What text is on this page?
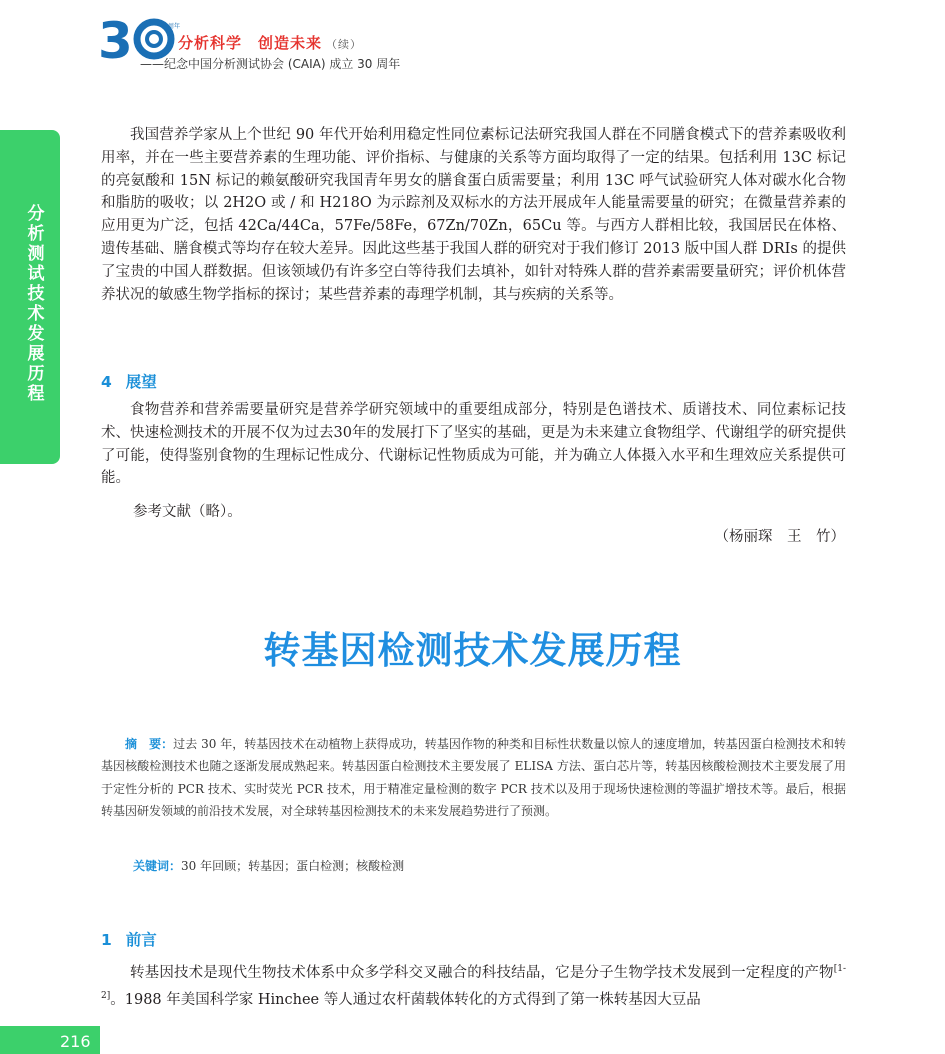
3	周年
分析科学　创造未来 （续）
——纪念中国分析测试协会 (CAIA) 成立 30 周年
分析测试技术发展历程

我国营养学家从上个世纪 90 年代开始利用稳定性同位素标记法研究我国人群在不同膳食模式下的营养素吸收利用率，并在一些主要营养素的生理功能、评价指标、与健康的关系等方面均取得了一定的结果。包括利用 13C 标记的亮氨酸和 15N 标记的赖氨酸研究我国青年男女的膳食蛋白质需要量；利用 13C 呼气试验研究人体对碳水化合物和脂肪的吸收；以 2H2O 或 / 和 H218O 为示踪剂及双标水的方法开展成年人能量需要量的研究；在微量营养素的应用更为广泛，包括 42Ca/44Ca，57Fe/58Fe，67Zn/70Zn，65Cu 等。与西方人群相比较，我国居民在体格、遗传基础、膳食模式等均存在较大差异。因此这些基于我国人群的研究对于我们修订 2013 版中国人群 DRIs 的提供了宝贵的中国人群数据。但该领域仍有许多空白等待我们去填补，如针对特殊人群的营养素需要量研究；评价机体营养状况的敏感生物学指标的探讨；某些营养素的毒理学机制，其与疾病的关系等。

4 展望

食物营养和营养需要量研究是营养学研究领域中的重要组成部分，特别是色谱技术、质谱技术、同位素标记技术、快速检测技术的开展不仅为过去30年的发展打下了坚实的基础，更是为未来建立食物组学、代谢组学的研究提供了可能，使得鉴别食物的生理标记性成分、代谢标记性物质成为可能，并为确立人体摄入水平和生理效应关系提供可能。

参考文献（略）。
（杨丽琛　王　竹）
转基因检测技术发展历程

摘　要：过去 30 年，转基因技术在动植物上获得成功，转基因作物的种类和目标性状数量以惊人的速度增加，转基因蛋白检测技术和转基因核酸检测技术也随之逐渐发展成熟起来。转基因蛋白检测技术主要发展了 ELISA 方法、蛋白芯片等，转基因核酸检测技术主要发展了用于定性分析的 PCR 技术、实时荧光 PCR 技术，用于精准定量检测的数字 PCR 技术以及用于现场快速检测的等温扩增技术等。最后，根据转基因研发领域的前沿技术发展，对全球转基因检测技术的未来发展趋势进行了预测。

关键词：30 年回顾；转基因；蛋白检测；核酸检测
1 前言

转基因技术是现代生物技术体系中众多学科交叉融合的科技结晶，它是分子生物学技术发展到一定程度的产物[1-2]。1988 年美国科学家 Hinchee 等人通过农杆菌载体转化的方式得到了第一株转基因大豆品

216
